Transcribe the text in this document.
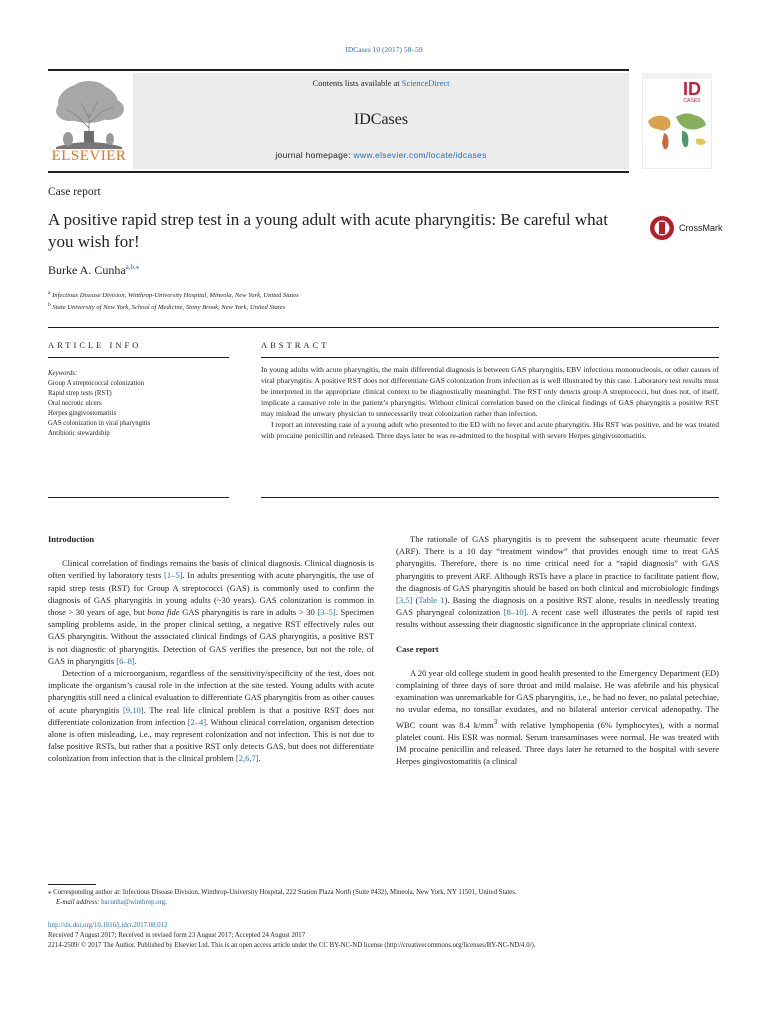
IDCases 10 (2017) 58–59
Contents lists available at ScienceDirect
IDCases
journal homepage: www.elsevier.com/locate/idcases
ELSEVIER
ID
CASES
Case report
A positive rapid strep test in a young adult with acute pharyngitis: Be careful what you wish for!
CrossMark
Burke A. Cunha$^{a,b,⁎}$
$^a$ Infectious Disease Division, Winthrop-University Hospital, Mineola, New York, United States
$^b$ State University of New York, School of Medicine, Stony Brook, New York, United States
ARTICLE INFO
Keywords:
Group A streptococcal colonization
Rapid strep tests (RST)
Oral necrotic ulcers
Herpes gingivostomatitis
GAS colonization in viral pharyngitis
Antibiotic stewardship
ABSTRACT

In young adults with acute pharyngitis, the main differential diagnosis is between GAS pharyngitis, EBV infectious mononucleosis, or other causes of viral pharyngitis. A positive RST does not differentiate GAS colonization from infection as is well illustrated by this case. Laboratory test results must be interpreted in the appropriate clinical context to be diagnostically meaningful. The RST only detects group A streptococci, but does not, of itself, implicate a causative role in the patient’s pharyngitis. Without clinical correlation based on the clinical findings of GAS pharyngitis a positive RST may mislead the unwary physician to unnecessarily treat colonization rather than infection.

I report an interesting case of a young adult who presented to the ED with no fever and acute pharyngitis. His RST was positive, and he was treated with procaine penicillin and released. Three days later he was re-admitted to the hospital with severe Herpes gingivostomatitis.

Introduction

Clinical correlation of findings remains the basis of clinical diagnosis. Clinical diagnosis is often verified by laboratory tests [1–5]. In adults presenting with acute pharyngitis, the use of rapid strep tests (RST) for Group A streptococci (GAS) is commonly used to confirm the diagnosis of GAS pharyngitis in young adults (~30 years). GAS colonization is common in those > 30 years of age, but bona fide GAS pharyngitis is rare in adults > 30 [3–5]. Specimen sampling problems aside, in the proper clinical setting, a negative RST effectively rules out GAS pharyngitis. Without the associated clinical findings of GAS pharyngitis, a positive RST is not diagnostic of pharyngitis. Detection of GAS verifies the presence, but not the role, of GAS in pharyngitis [6–8].

Detection of a microorganism, regardless of the sensitivity/specificity of the test, does not implicate the organism’s causal role in the infection at the site tested. Young adults with acute pharyngitis still need a clinical evaluation to differentiate GAS pharyngitis from as other causes of acute pharyngitis [9,10]. The real life clinical problem is that a positive RST does not differentiate colonization from infection [2–4]. Without clinical correlation, organism detection alone is often misleading, i.e., may represent colonization and not infection. This is not due to false positive RSTs, but rather that a positive RST only detects GAS, but does not differentiate colonization from infection that is the clinical problem [2,6,7].

The rationale of GAS pharyngitis is to prevent the subsequent acute rheumatic fever (ARF). There is a 10 day “treatment window” that provides enough time to treat GAS pharyngitis. Therefore, there is no time critical need for a “rapid diagnosis” with GAS pharyngitis to prevent ARF. Although RSTs have a place in practice to facilitate patient flow, the diagnosis of GAS pharyngitis should be based on both clinical and microbiologic findings [3,5] (Table 1). Basing the diagnosis on a positive RST alone, results in needlessly treating GAS pharyngeal colonization [8–10]. A recent case well illustrates the perils of rapid test results without assessing their diagnostic significance in the appropriate clinical context.

Case report

A 20 year old college student in good health presented to the Emergency Department (ED) complaining of three days of sore throat and mild malaise. He was afebrile and his physical examination was unremarkable for GAS pharyngitis, i.e., he had no fever, no palatal petechiae, no uvular edema, no tonsillar exudates, and no bilateral anterior cervical adenopathy. The WBC count was 8.4 $k/mm^3$ with relative lymphopenia (6% lymphocytes), with a normal platelet count. His ESR was normal. Serum transaminases were normal. He was treated with IM procaine penicillin and released. Three days later he returned to the hospital with severe Herpes gingivostomatitis (a clinical

⁎ Corresponding author at: Infectious Disease Division, Winthrop-University Hospital, 222 Station Plaza North (Suite #432), Mineola, New York, NY 11501, United States.
E-mail address: bacunha@winthrop.org.
http://dx.doi.org/10.1016/j.idcr.2017.08.012
Received 7 August 2017; Received in revised form 23 August 2017; Accepted 24 August 2017
2214-2509/ © 2017 The Author. Published by Elsevier Ltd. This is an open access article under the CC BY-NC-ND license (http://creativecommons.org/licenses/BY-NC-ND/4.0/).
